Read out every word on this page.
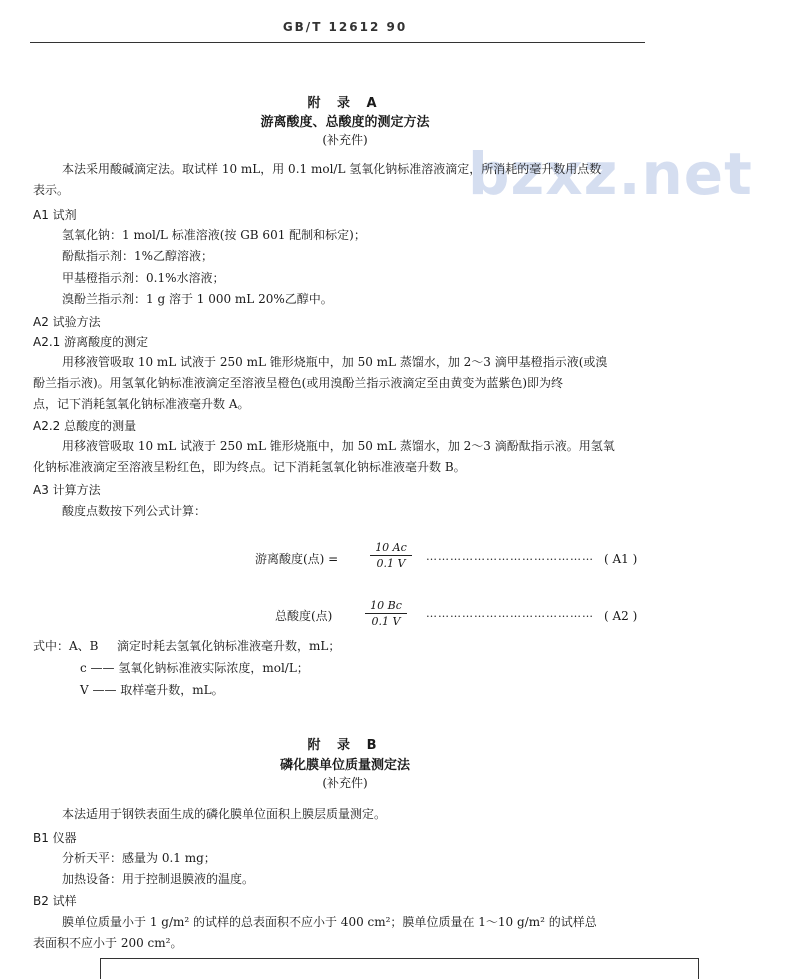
GB/T 12612 90
bzxz.net
附 录 A
游离酸度、总酸度的测定方法
(补充件)
本法采用酸碱滴定法。取试样 10 mL，用 0.1 mol/L 氢氧化钠标准溶液滴定，所消耗的毫升数用点数
表示。
A1 试剂
氢氧化钠：1 mol/L 标准溶液(按 GB 601 配制和标定)；
酚酞指示剂：1%乙醇溶液；
甲基橙指示剂：0.1%水溶液；
溴酚兰指示剂：1 g 溶于 1 000 mL 20%乙醇中。
A2 试验方法
A2.1 游离酸度的测定
用移液管吸取 10 mL 试液于 250 mL 锥形烧瓶中，加 50 mL 蒸馏水，加 2～3 滴甲基橙指示液(或溴
酚兰指示液)。用氢氧化钠标准液滴定至溶液呈橙色(或用溴酚兰指示液滴定至由黄变为蓝紫色)即为终
点，记下消耗氢氧化钠标准液毫升数 A。
A2.2 总酸度的测量
用移液管吸取 10 mL 试液于 250 mL 锥形烧瓶中，加 50 mL 蒸馏水，加 2～3 滴酚酞指示液。用氢氧
化钠标准液滴定至溶液呈粉红色，即为终点。记下消耗氢氧化钠标准液毫升数 B。
A3 计算方法
酸度点数按下列公式计算：
游离酸度(点) =
10 Ac
0.1 V
…………………………………… ( A1 )
总酸度(点)
10 Bc
0.1 V
…………………………………… ( A2 )
式中：A、B 滴定时耗去氢氧化钠标准液毫升数，mL；
c —— 氢氧化钠标准液实际浓度，mol/L；
V —— 取样毫升数，mL。
附 录 B
磷化膜单位质量测定法
(补充件)
本法适用于钢铁表面生成的磷化膜单位面积上膜层质量测定。
B1 仪器
分析天平：感量为 0.1 mg；
加热设备：用于控制退膜液的温度。
B2 试样
膜单位质量小于 1 g/m² 的试样的总表面积不应小于 400 cm²；膜单位质量在 1～10 g/m² 的试样总
表面积不应小于 200 cm²。
